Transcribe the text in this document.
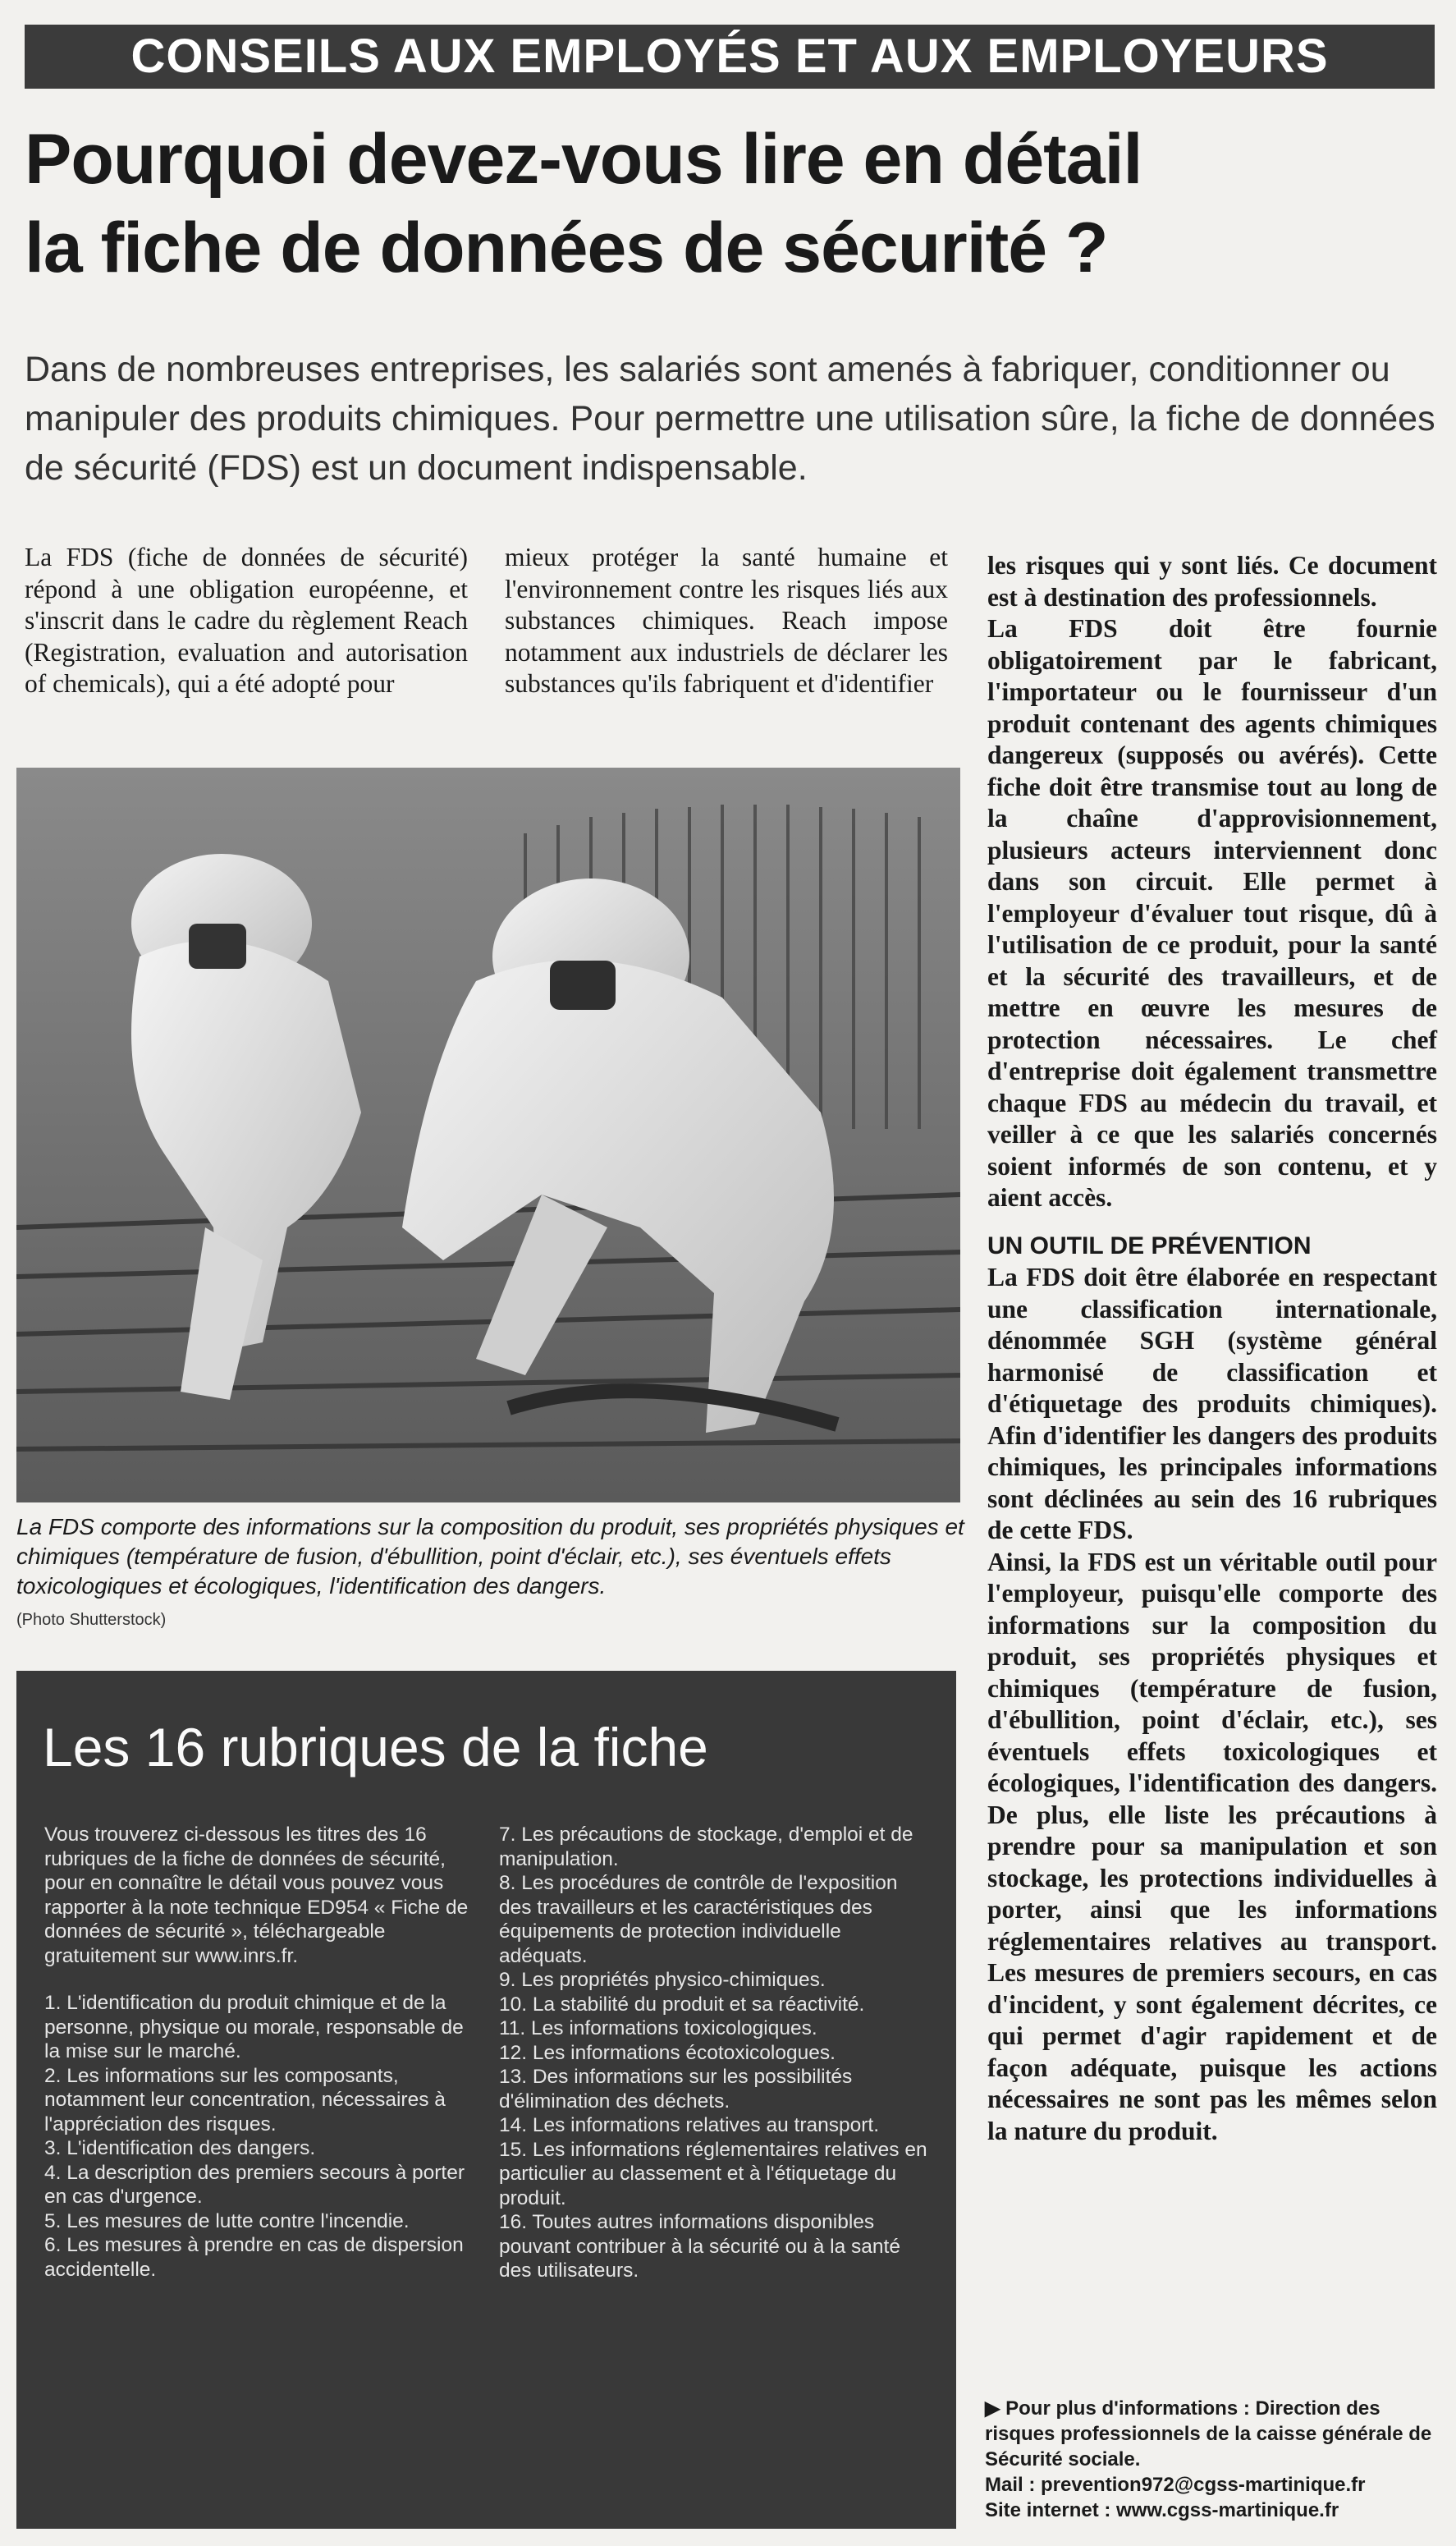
CONSEILS AUX EMPLOYÉS ET AUX EMPLOYEURS
Pourquoi devez-vous lire en détail
la fiche de données de sécurité ?
Dans de nombreuses entreprises, les salariés sont amenés à fabriquer, conditionner ou manipuler des produits chimiques. Pour permettre une utilisation sûre, la fiche de données de sécurité (FDS) est un document indispensable.

La FDS (fiche de données de sécurité) répond à une obligation européenne, et s'inscrit dans le cadre du règlement Reach (Registration, evaluation and autorisation of chemicals), qui a été adopté pour

mieux protéger la santé humaine et l'environnement contre les risques liés aux substances chimiques. Reach impose notamment aux industriels de déclarer les substances qu'ils fabriquent et d'identifier

les risques qui y sont liés. Ce document est à destination des professionnels.

La FDS doit être fournie obligatoirement par le fabricant, l'importateur ou le fournisseur d'un produit contenant des agents chimiques dangereux (supposés ou avérés). Cette fiche doit être transmise tout au long de la chaîne d'approvisionnement, plusieurs acteurs interviennent donc dans son circuit. Elle permet à l'employeur d'évaluer tout risque, dû à l'utilisation de ce produit, pour la santé et la sécurité des travailleurs, et de mettre en œuvre les mesures de protection nécessaires. Le chef d'entreprise doit également transmettre chaque FDS au médecin du travail, et veiller à ce que les salariés concernés soient informés de son contenu, et y aient accès.

UN OUTIL DE PRÉVENTION

La FDS doit être élaborée en respectant une classification internationale, dénommée SGH (système général harmonisé de classification et d'étiquetage des produits chimiques). Afin d'identifier les dangers des produits chimiques, les principales informations sont déclinées au sein des 16 rubriques de cette FDS.

Ainsi, la FDS est un véritable outil pour l'employeur, puisqu'elle comporte des informations sur la composition du produit, ses propriétés physiques et chimiques (température de fusion, d'ébullition, point d'éclair, etc.), ses éventuels effets toxicologiques et écologiques, l'identification des dangers. De plus, elle liste les précautions à prendre pour sa manipulation et son stockage, les protections individuelles à porter, ainsi que les informations réglementaires relatives au transport. Les mesures de premiers secours, en cas d'incident, y sont également décrites, ce qui permet d'agir rapidement et de façon adéquate, puisque les actions nécessaires ne sont pas les mêmes selon la nature du produit.

La FDS comporte des informations sur la composition du produit, ses propriétés physiques et chimiques (température de fusion, d'ébullition, point d'éclair, etc.), ses éventuels effets toxicologiques et écologiques, l'identification des dangers.
(Photo Shutterstock)
Les 16 rubriques de la fiche

Vous trouverez ci-dessous les titres des 16 rubriques de la fiche de données de sécurité, pour en connaître le détail vous pouvez vous rapporter à la note technique ED954 « Fiche de données de sécurité », téléchargeable gratuitement sur www.inrs.fr.

1. L'identification du produit chimique et de la personne, physique ou morale, responsable de la mise sur le marché.

2. Les informations sur les composants, notamment leur concentration, nécessaires à l'appréciation des risques.

3. L'identification des dangers.

4. La description des premiers secours à porter en cas d'urgence.

5. Les mesures de lutte contre l'incendie.

6. Les mesures à prendre en cas de dispersion accidentelle.

7. Les précautions de stockage, d'emploi et de manipulation.

8. Les procédures de contrôle de l'exposition des travailleurs et les caractéristiques des équipements de protection individuelle adéquats.

9. Les propriétés physico-chimiques.

10. La stabilité du produit et sa réactivité.

11. Les informations toxicologiques.

12. Les informations écotoxicologues.

13. Des informations sur les possibilités d'élimination des déchets.

14. Les informations relatives au transport.

15. Les informations réglementaires relatives en particulier au classement et à l'étiquetage du produit.

16. Toutes autres informations disponibles pouvant contribuer à la sécurité ou à la santé des utilisateurs.

▶ Pour plus d'informations : Direction des risques professionnels de la caisse générale de Sécurité sociale.
Mail : prevention972@cgss-martinique.fr
Site internet : www.cgss-martinique.fr
